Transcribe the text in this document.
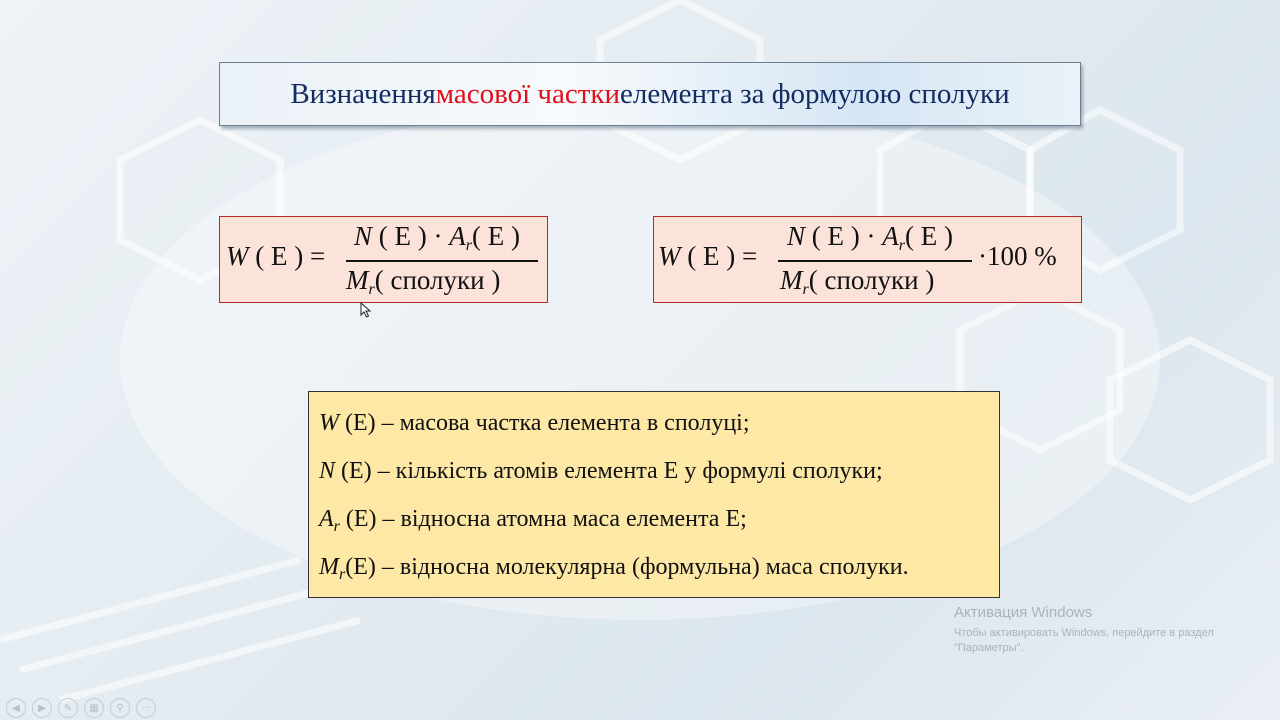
Визначення масової частки елемента за формулою сполуки
W ( Е ) =
N ( E ) · Ar( Е )
Mr( сполуки )
W ( Е ) =
N ( E ) · Ar( Е )
Mr( сполуки )
·100 %
W (Е) – масова частка елемента в сполуці;
N (Е) – кількість атомів елемента Е у формулі сполуки;
$A_r$ (Е) – відносна атомна маса елемента Е;
$M_r(Е)$ – відносна молекулярна (формульна) маса сполуки.
Активация Windows
Чтобы активировать Windows, перейдите в раздел "Параметры".
◀	▶	✎	▦	⚲	···
